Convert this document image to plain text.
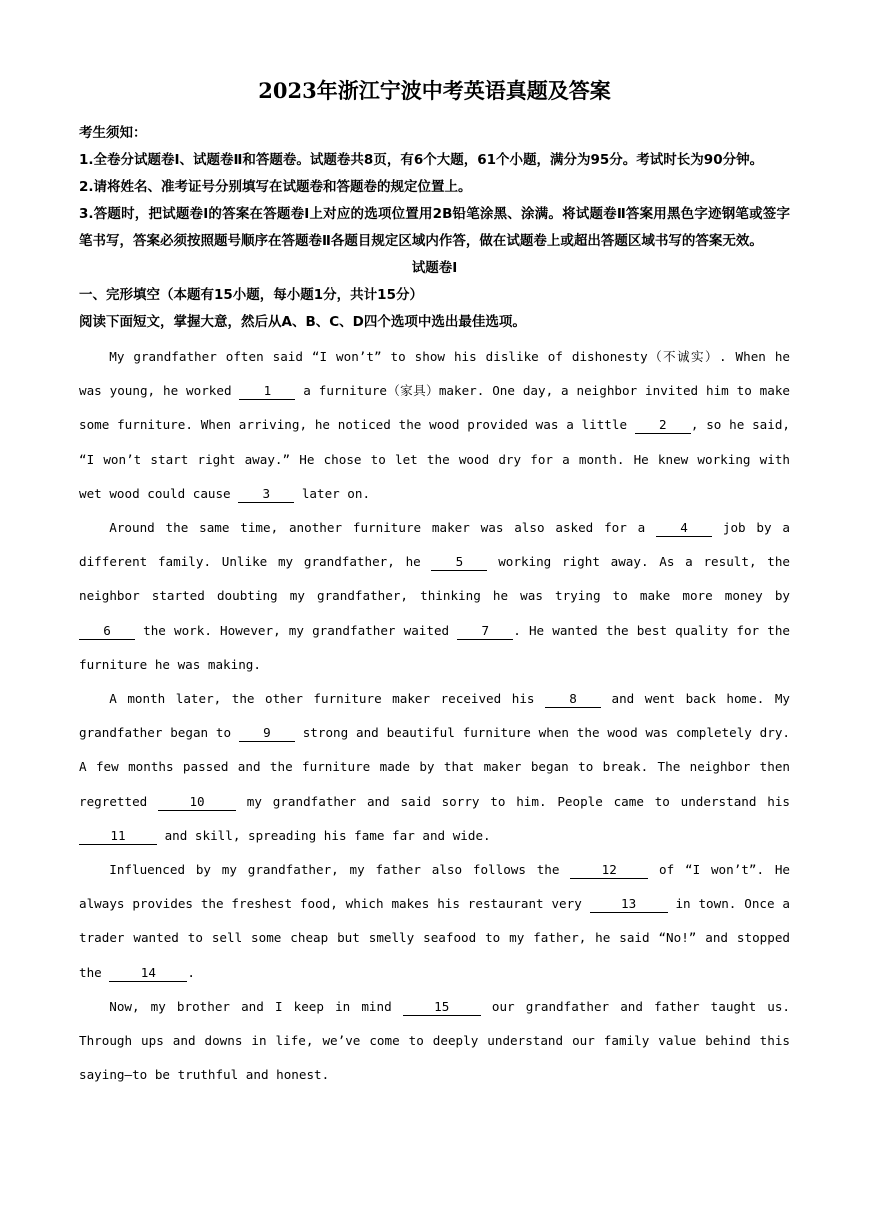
2023年浙江宁波中考英语真题及答案

考生须知：

1.全卷分试题卷Ⅰ、试题卷Ⅱ和答题卷。试题卷共8页，有6个大题，61个小题，满分为95分。考试时长为90分钟。

2.请将姓名、准考证号分别填写在试题卷和答题卷的规定位置上。

3.答题时，把试题卷Ⅰ的答案在答题卷Ⅰ上对应的选项位置用2B铅笔涂黑、涂满。将试题卷Ⅱ答案用黑色字迹钢笔或签字笔书写，答案必须按照题号顺序在答题卷Ⅱ各题目规定区域内作答，做在试题卷上或超出答题区域书写的答案无效。

试题卷Ⅰ

一、完形填空（本题有15小题，每小题1分，共计15分）

阅读下面短文，掌握大意，然后从A、B、C、D四个选项中选出最佳选项。

My grandfather often said “I won’t” to show his dislike of dishonesty（不诚实）. When he was young, he worked 1 a furniture（家具）maker. One day, a neighbor invited him to make some furniture. When arriving, he noticed the wood provided was a little 2 , so he said, “I won’t start right away.” He chose to let the wood dry for a month. He knew working with wet wood could cause 3 later on.

Around the same time, another furniture maker was also asked for a 4 job by a different family. Unlike my grandfather, he 5 working right away. As a result, the neighbor started doubting my grandfather, thinking he was trying to make more money by 6 the work. However, my grandfather waited 7 . He wanted the best quality for the furniture he was making.

A month later, the other furniture maker received his 8 and went back home. My grandfather began to 9 strong and beautiful furniture when the wood was completely dry. A few months passed and the furniture made by that maker began to break. The neighbor then regretted 10 my grandfather and said sorry to him. People came to understand his 11 and skill, spreading his fame far and wide.

Influenced by my grandfather, my father also follows the 12 of “I won’t”. He always provides the freshest food, which makes his restaurant very 13 in town. Once a trader wanted to sell some cheap but smelly seafood to my father, he said “No!” and stopped the 14 .

Now, my brother and I keep in mind 15 our grandfather and father taught us. Through ups and downs in life, we’ve come to deeply understand our family value behind this saying—to be truthful and honest.
